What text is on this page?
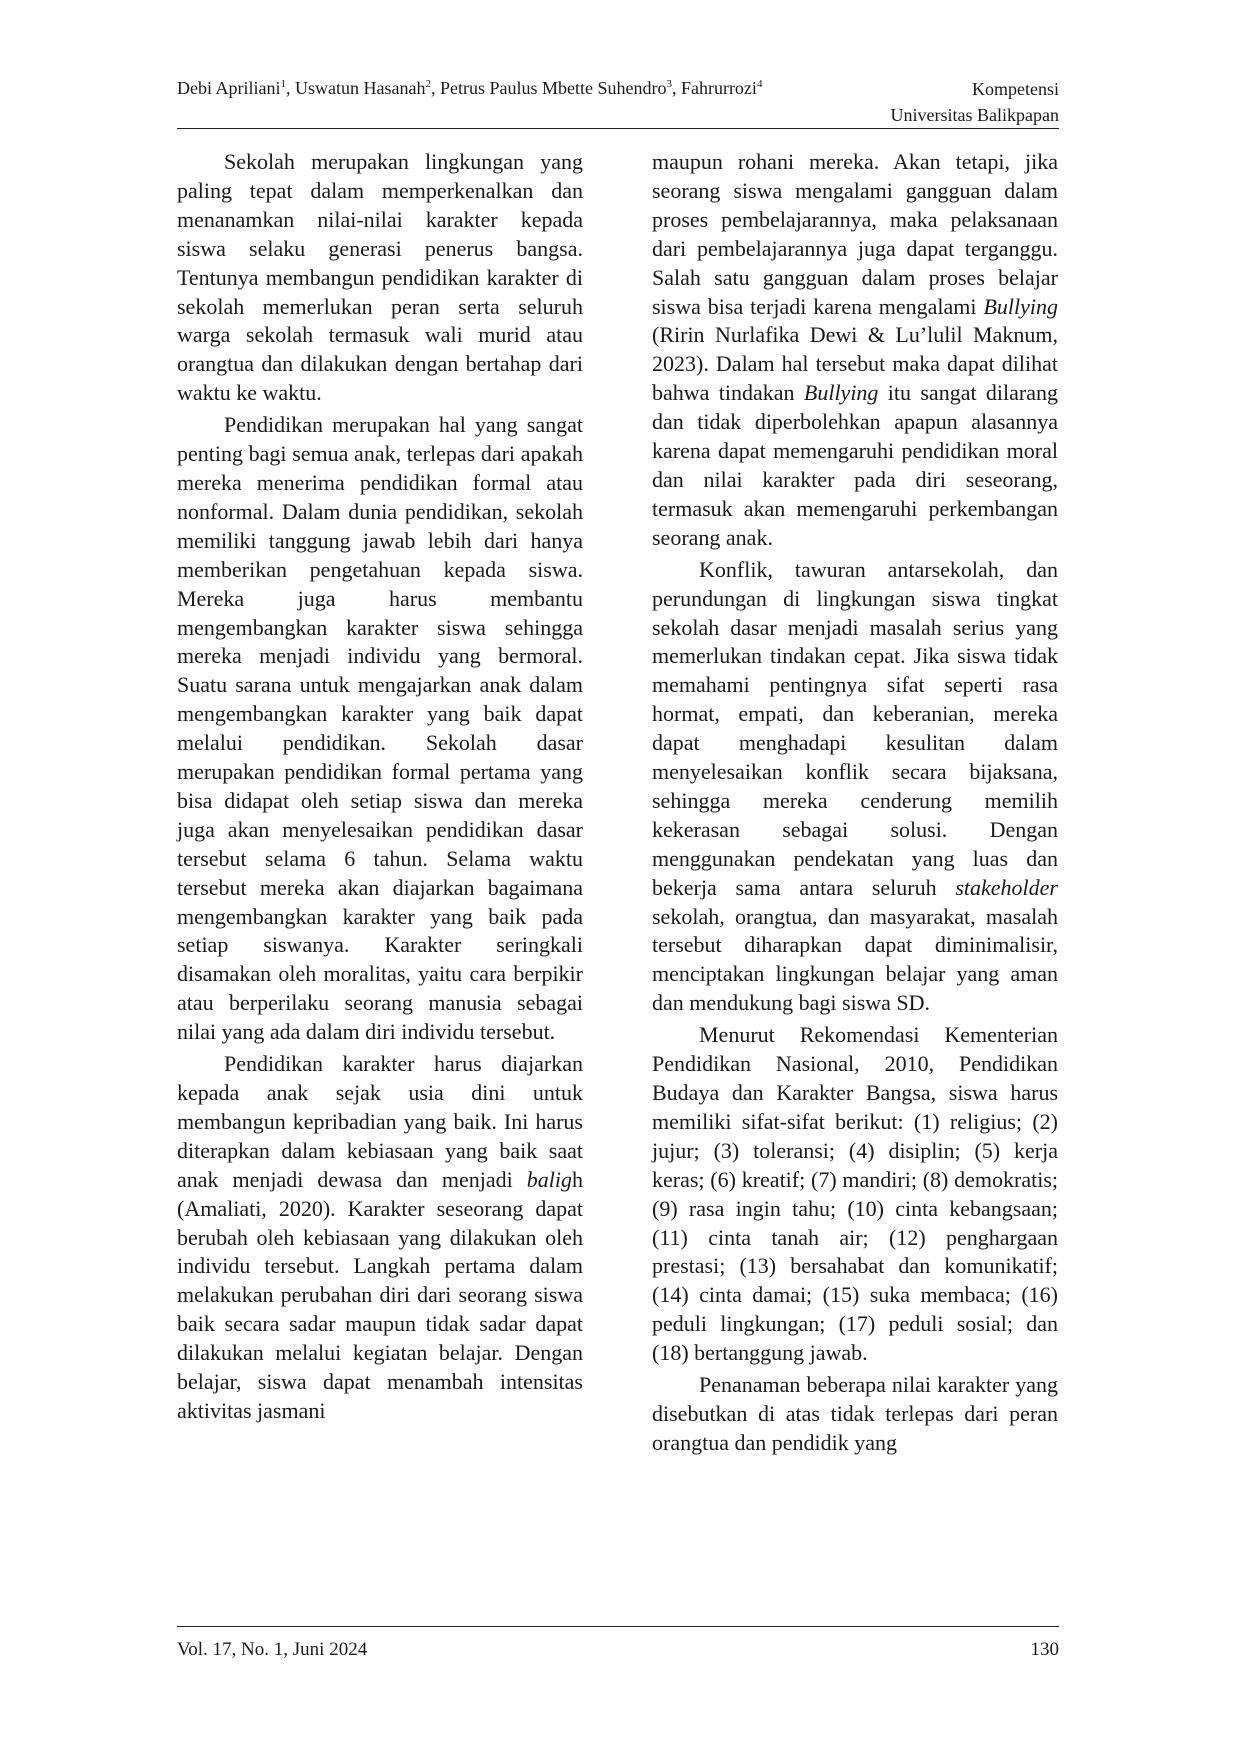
Debi Apriliani$^1$, Uswatun Hasanah$^2$, Petrus Paulus Mbette Suhendro$^3$, Fahrurrozi$^4$	Kompetensi
Universitas Balikpapan

Sekolah merupakan lingkungan yang paling tepat dalam memperkenalkan dan menanamkan nilai-nilai karakter kepada siswa selaku generasi penerus bangsa. Tentunya membangun pendidikan karakter di sekolah memerlukan peran serta seluruh warga sekolah termasuk wali murid atau orangtua dan dilakukan dengan bertahap dari waktu ke waktu.

Pendidikan merupakan hal yang sangat penting bagi semua anak, terlepas dari apakah mereka menerima pendidikan formal atau nonformal. Dalam dunia pendidikan, sekolah memiliki tanggung jawab lebih dari hanya memberikan pengetahuan kepada siswa. Mereka juga harus membantu mengembangkan karakter siswa sehingga mereka menjadi individu yang bermoral. Suatu sarana untuk mengajarkan anak dalam mengembangkan karakter yang baik dapat melalui pendidikan. Sekolah dasar merupakan pendidikan formal pertama yang bisa didapat oleh setiap siswa dan mereka juga akan menyelesaikan pendidikan dasar tersebut selama 6 tahun. Selama waktu tersebut mereka akan diajarkan bagaimana mengembangkan karakter yang baik pada setiap siswanya. Karakter seringkali disamakan oleh moralitas, yaitu cara berpikir atau berperilaku seorang manusia sebagai nilai yang ada dalam diri individu tersebut.

Pendidikan karakter harus diajarkan kepada anak sejak usia dini untuk membangun kepribadian yang baik. Ini harus diterapkan dalam kebiasaan yang baik saat anak menjadi dewasa dan menjadi baligh (Amaliati, 2020). Karakter seseorang dapat berubah oleh kebiasaan yang dilakukan oleh individu tersebut. Langkah pertama dalam melakukan perubahan diri dari seorang siswa baik secara sadar maupun tidak sadar dapat dilakukan melalui kegiatan belajar. Dengan belajar, siswa dapat menambah intensitas aktivitas jasmani

maupun rohani mereka. Akan tetapi, jika seorang siswa mengalami gangguan dalam proses pembelajarannya, maka pelaksanaan dari pembelajarannya juga dapat terganggu. Salah satu gangguan dalam proses belajar siswa bisa terjadi karena mengalami Bullying (Ririn Nurlafika Dewi & Lu’lulil Maknum, 2023). Dalam hal tersebut maka dapat dilihat bahwa tindakan Bullying itu sangat dilarang dan tidak diperbolehkan apapun alasannya karena dapat memengaruhi pendidikan moral dan nilai karakter pada diri seseorang, termasuk akan memengaruhi perkembangan seorang anak.

Konflik, tawuran antarsekolah, dan perundungan di lingkungan siswa tingkat sekolah dasar menjadi masalah serius yang memerlukan tindakan cepat. Jika siswa tidak memahami pentingnya sifat seperti rasa hormat, empati, dan keberanian, mereka dapat menghadapi kesulitan dalam menyelesaikan konflik secara bijaksana, sehingga mereka cenderung memilih kekerasan sebagai solusi. Dengan menggunakan pendekatan yang luas dan bekerja sama antara seluruh stakeholder sekolah, orangtua, dan masyarakat, masalah tersebut diharapkan dapat diminimalisir, menciptakan lingkungan belajar yang aman dan mendukung bagi siswa SD.

Menurut Rekomendasi Kementerian Pendidikan Nasional, 2010, Pendidikan Budaya dan Karakter Bangsa, siswa harus memiliki sifat-sifat berikut: (1) religius; (2) jujur; (3) toleransi; (4) disiplin; (5) kerja keras; (6) kreatif; (7) mandiri; (8) demokratis; (9) rasa ingin tahu; (10) cinta kebangsaan; (11) cinta tanah air; (12) penghargaan prestasi; (13) bersahabat dan komunikatif; (14) cinta damai; (15) suka membaca; (16) peduli lingkungan; (17) peduli sosial; dan (18) bertanggung jawab.

Penanaman beberapa nilai karakter yang disebutkan di atas tidak terlepas dari peran orangtua dan pendidik yang

Vol. 17, No. 1, Juni 2024	130
